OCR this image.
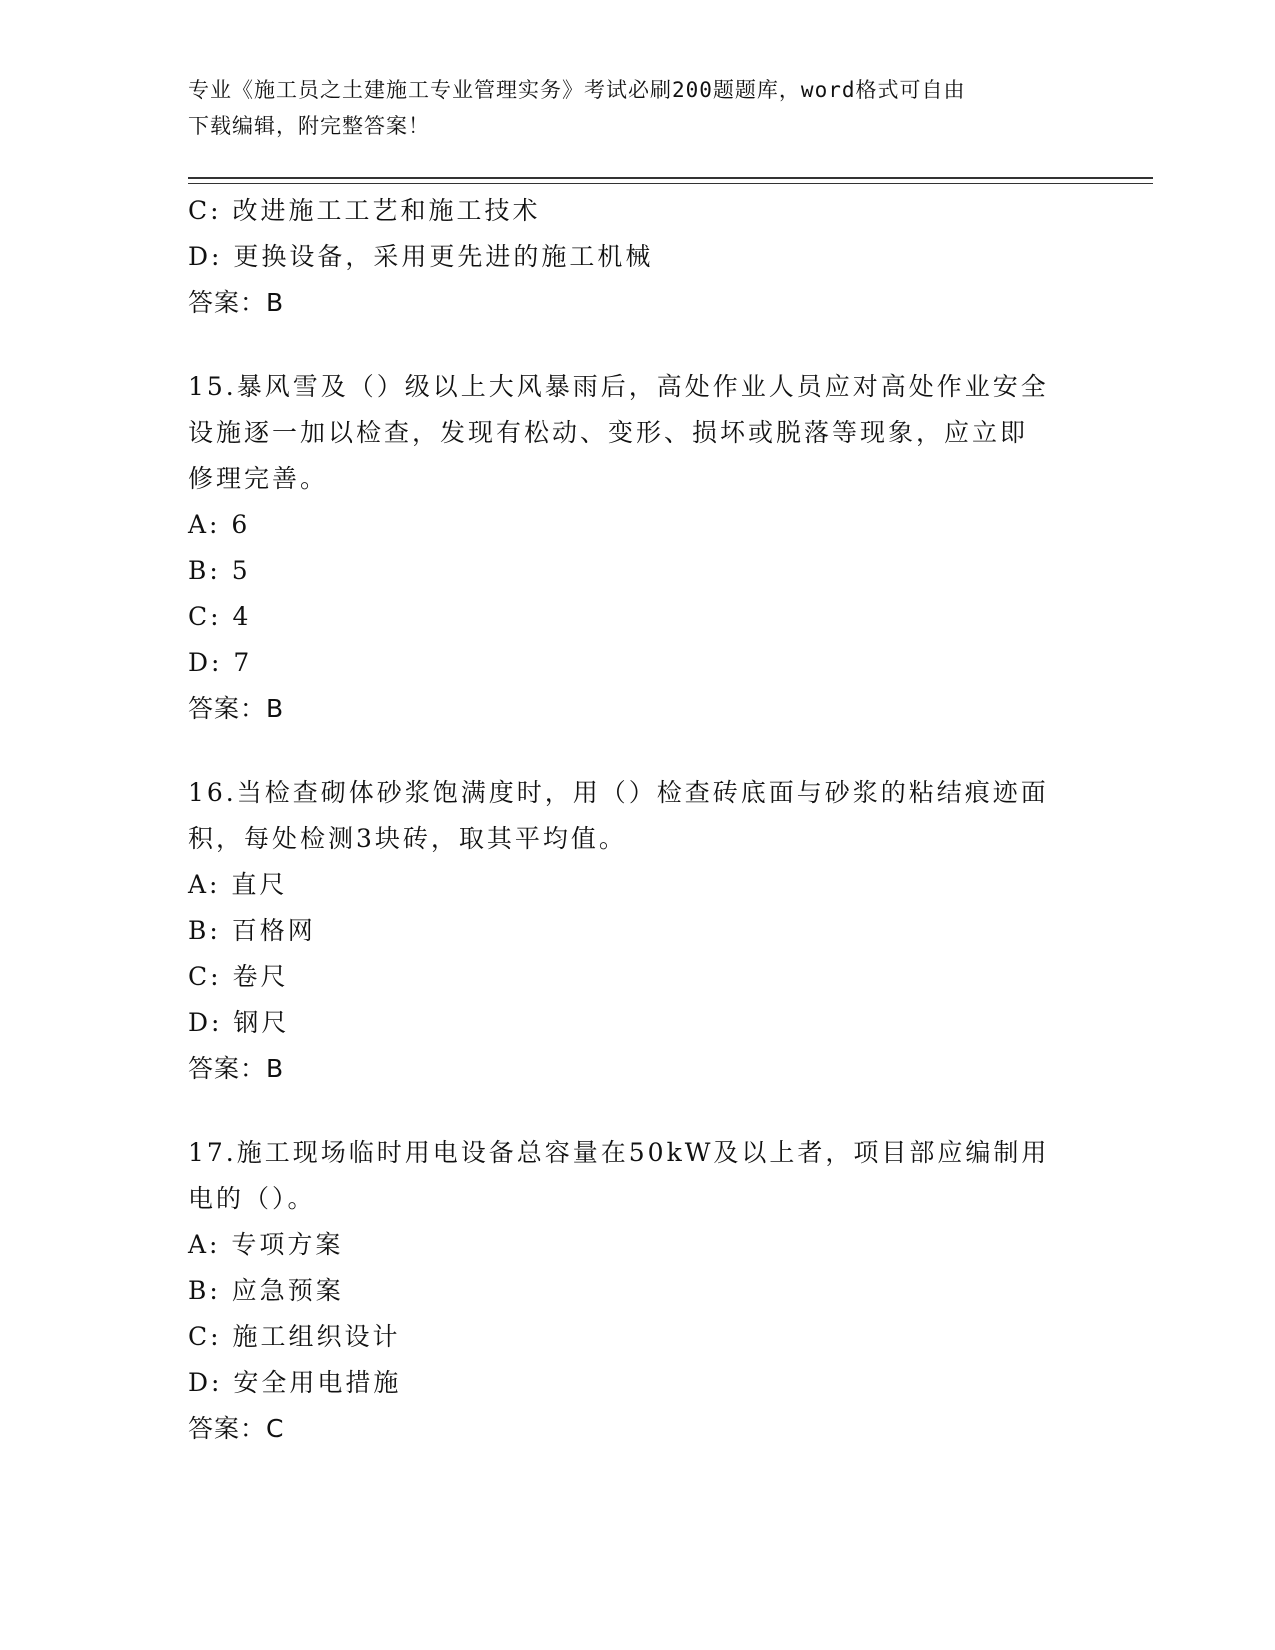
专业《施工员之土建施工专业管理实务》考试必刷200题题库，word格式可自由
下载编辑，附完整答案！
C: 改进施工工艺和施工技术
D: 更换设备，采用更先进的施工机械
答案：B
15.暴风雪及（）级以上大风暴雨后，高处作业人员应对高处作业安全
设施逐一加以检查，发现有松动、变形、损坏或脱落等现象，应立即
修理完善。
A: 6
B: 5
C: 4
D: 7
答案：B
16.当检查砌体砂浆饱满度时，用（）检查砖底面与砂浆的粘结痕迹面
积，每处检测3块砖，取其平均值。
A: 直尺
B: 百格网
C: 卷尺
D: 钢尺
答案：B
17.施工现场临时用电设备总容量在50kW及以上者，项目部应编制用
电的（）。
A: 专项方案
B: 应急预案
C: 施工组织设计
D: 安全用电措施
答案：C
